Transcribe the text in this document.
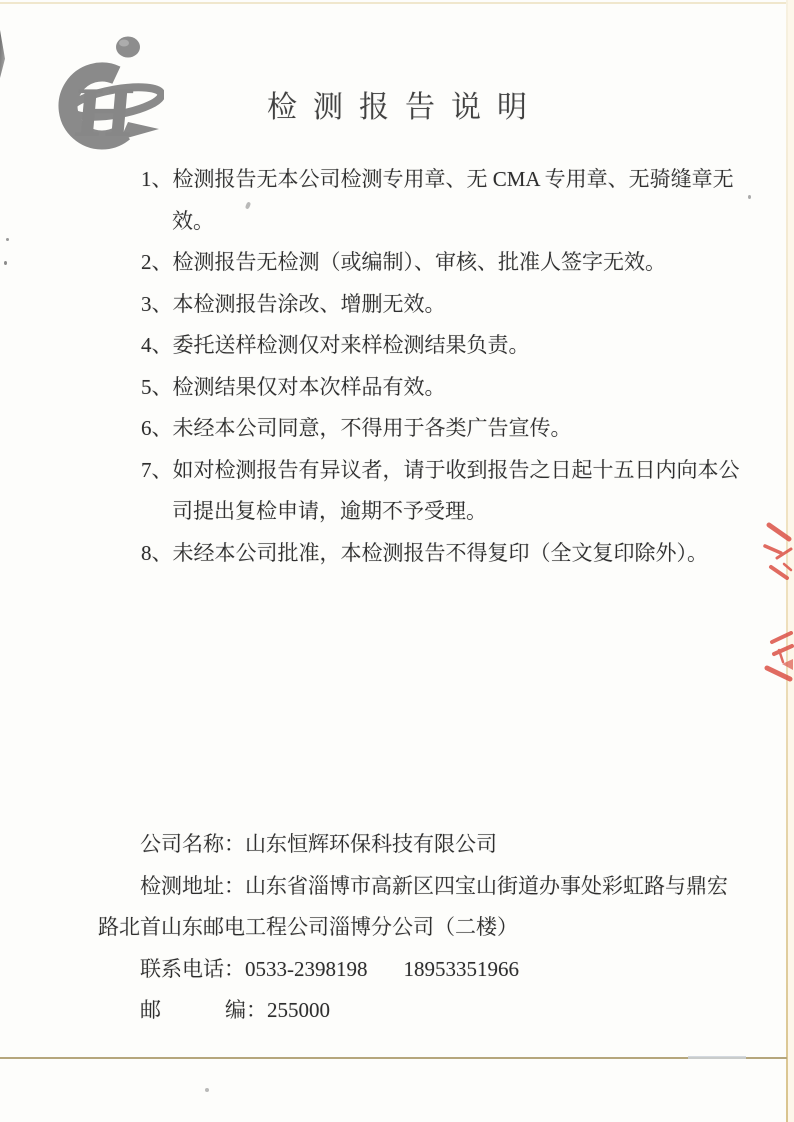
H	检测报告说明
1、检测报告无本公司检测专用章、无 CMA 专用章、无骑缝章无
效。
2、检测报告无检测（或编制）、审核、批准人签字无效。
3、本检测报告涂改、增删无效。
4、委托送样检测仅对来样检测结果负责。
5、检测结果仅对本次样品有效。
6、未经本公司同意，不得用于各类广告宣传。
7、如对检测报告有异议者，请于收到报告之日起十五日内向本公
司提出复检申请，逾期不予受理。
8、未经本公司批准，本检测报告不得复印（全文复印除外）。
公司名称：山东恒辉环保科技有限公司
检测地址：山东省淄博市高新区四宝山街道办事处彩虹路与鼎宏
路北首山东邮电工程公司淄博分公司（二楼）
联系电话：0533-2398198 18953351966
邮	编：255000
